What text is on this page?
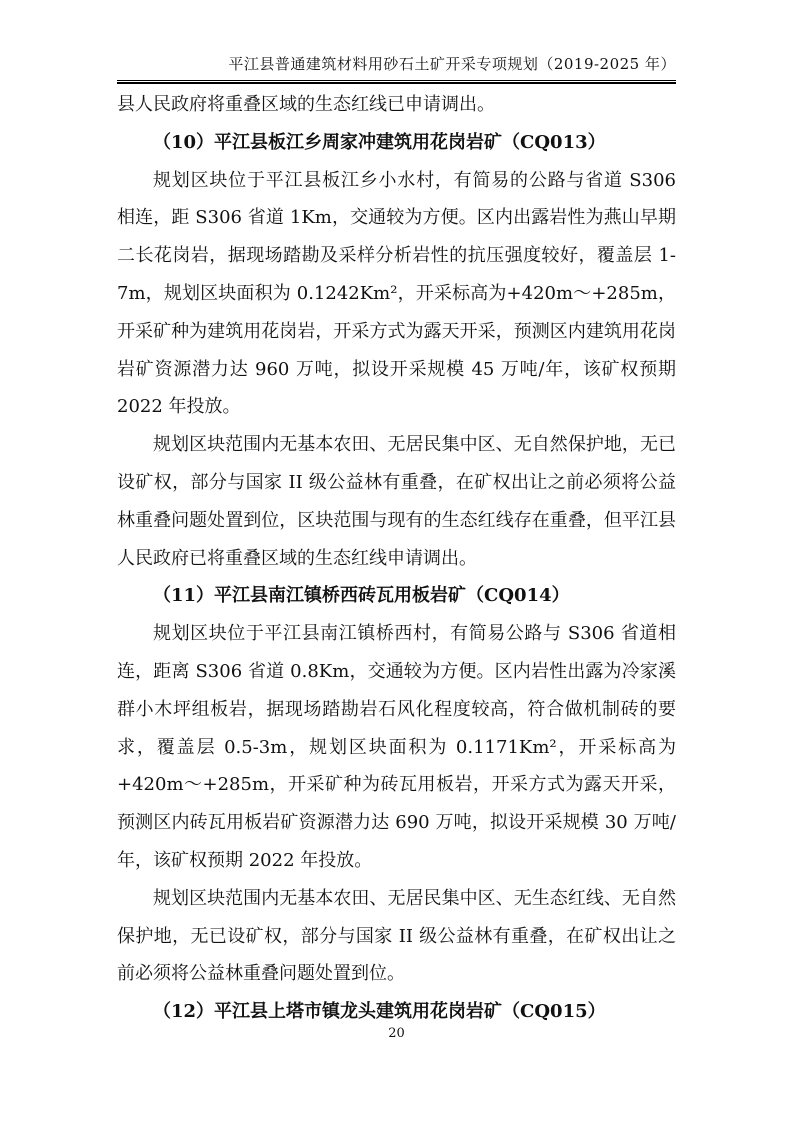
平江县普通建筑材料用砂石土矿开采专项规划（2019-2025 年）

县人民政府将重叠区域的生态红线已申请调出。

（10）平江县板江乡周家冲建筑用花岗岩矿（CQ013）

规划区块位于平江县板江乡小水村，有简易的公路与省道 S306 相连，距 S306 省道 1Km，交通较为方便。区内出露岩性为燕山早期二长花岗岩，据现场踏勘及采样分析岩性的抗压强度较好，覆盖层 1-7m，规划区块面积为 0.1242Km²，开采标高为+420m～+285m，开采矿种为建筑用花岗岩，开采方式为露天开采，预测区内建筑用花岗岩矿资源潜力达 960 万吨，拟设开采规模 45 万吨/年，该矿权预期 2022 年投放。

规划区块范围内无基本农田、无居民集中区、无自然保护地，无已设矿权，部分与国家 II 级公益林有重叠，在矿权出让之前必须将公益林重叠问题处置到位，区块范围与现有的生态红线存在重叠，但平江县人民政府已将重叠区域的生态红线申请调出。

（11）平江县南江镇桥西砖瓦用板岩矿（CQ014）

规划区块位于平江县南江镇桥西村，有简易公路与 S306 省道相连，距离 S306 省道 0.8Km，交通较为方便。区内岩性出露为冷家溪群小木坪组板岩，据现场踏勘岩石风化程度较高，符合做机制砖的要求，覆盖层 0.5-3m，规划区块面积为 0.1171Km²，开采标高为+420m～+285m，开采矿种为砖瓦用板岩，开采方式为露天开采，预测区内砖瓦用板岩矿资源潜力达 690 万吨，拟设开采规模 30 万吨/年，该矿权预期 2022 年投放。

规划区块范围内无基本农田、无居民集中区、无生态红线、无自然保护地，无已设矿权，部分与国家 II 级公益林有重叠，在矿权出让之前必须将公益林重叠问题处置到位。

（12）平江县上塔市镇龙头建筑用花岗岩矿（CQ015）
20
